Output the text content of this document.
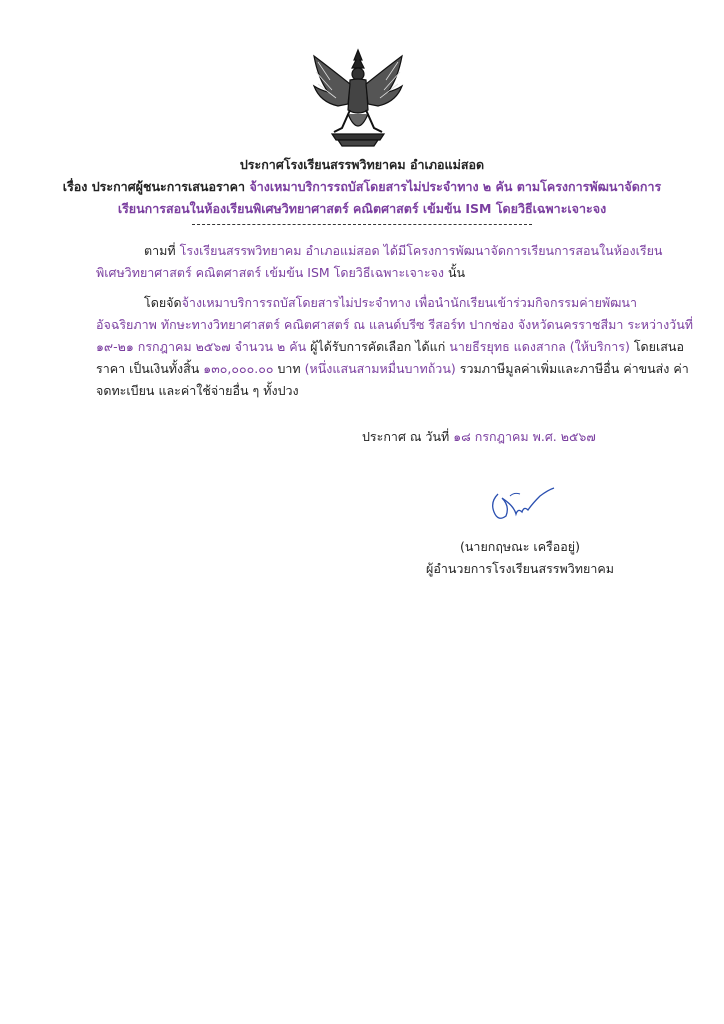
ประกาศโรงเรียนสรรพวิทยาคม อำเภอแม่สอด
เรื่อง ประกาศผู้ชนะการเสนอราคา จ้างเหมาบริการรถบัสโดยสารไม่ประจำทาง ๒ คัน ตามโครงการพัฒนาจัดการ
เรียนการสอนในห้องเรียนพิเศษวิทยาศาสตร์ คณิตศาสตร์ เข้มข้น ISM โดยวิธีเฉพาะเจาะจง
ตามที่ โรงเรียนสรรพวิทยาคม อำเภอแม่สอด ได้มีโครงการพัฒนาจัดการเรียนการสอนในห้องเรียน
พิเศษวิทยาศาสตร์ คณิตศาสตร์ เข้มข้น ISM โดยวิธีเฉพาะเจาะจง นั้น
โดยจัดจ้างเหมาบริการรถบัสโดยสารไม่ประจำทาง เพื่อนำนักเรียนเข้าร่วมกิจกรรมค่ายพัฒนา
อัจฉริยภาพ ทักษะทางวิทยาศาสตร์ คณิตศาสตร์ ณ แลนด์บรีซ รีสอร์ท ปากช่อง จังหวัดนครราชสีมา ระหว่างวันที่
๑๙-๒๑ กรกฎาคม ๒๕๖๗ จำนวน ๒ คัน ผู้ได้รับการคัดเลือก ได้แก่ นายธีรยุทธ แดงสากล (ให้บริการ) โดยเสนอ
ราคา เป็นเงินทั้งสิ้น ๑๓๐,๐๐๐.๐๐ บาท (หนึ่งแสนสามหมื่นบาทถ้วน) รวมภาษีมูลค่าเพิ่มและภาษีอื่น ค่าขนส่ง ค่า
จดทะเบียน และค่าใช้จ่ายอื่น ๆ ทั้งปวง
ประกาศ ณ วันที่ ๑๘ กรกฎาคม พ.ศ. ๒๕๖๗
(นายกฤษณะ เครืออยู่)
ผู้อำนวยการโรงเรียนสรรพวิทยาคม
